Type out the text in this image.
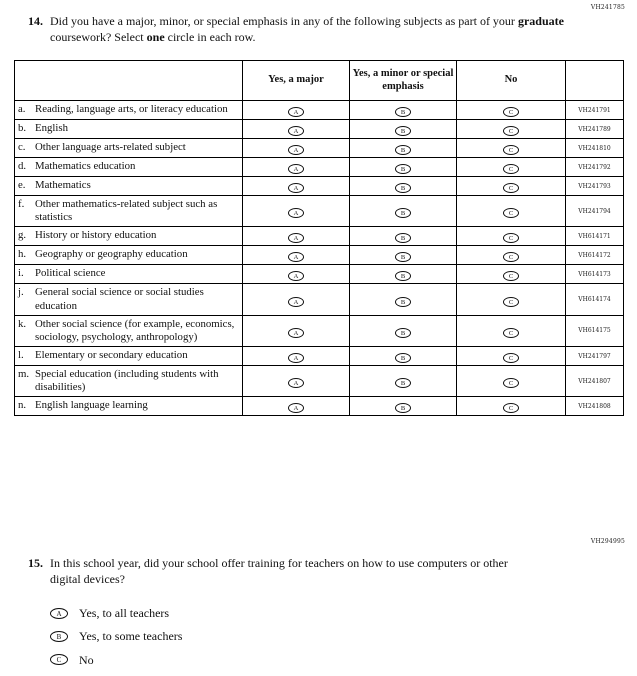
VH241785
14. Did you have a major, minor, or special emphasis in any of the following subjects as part of your graduate coursework? Select one circle in each row.
	Yes, a major	Yes, a minor or special emphasis	No	

a. Reading, language arts, or literacy education	A	B	C	VH241791

b. English	A	B	C	VH241789

c. Other language arts-related subject	A	B	C	VH241810

d. Mathematics education	A	B	C	VH241792

e. Mathematics	A	B	C	VH241793

f. Other mathematics-related subject such as statistics	A	B	C	VH241794

g. History or history education	A	B	C	VH614171

h. Geography or geography education	A	B	C	VH614172

i. Political science	A	B	C	VH614173

j. General social science or social studies education	A	B	C	VH614174

k. Other social science (for example, economics, sociology, psychology, anthropology)	A	B	C	VH614175

l. Elementary or secondary education	A	B	C	VH241797

m. Special education (including students with disabilities)	A	B	C	VH241807

n. English language learning	A	B	C	VH241808
VH294995
15. In this school year, did your school offer training for teachers on how to use computers or other digital devices?
A	Yes, to all teachers
B	Yes, to some teachers
C	No
